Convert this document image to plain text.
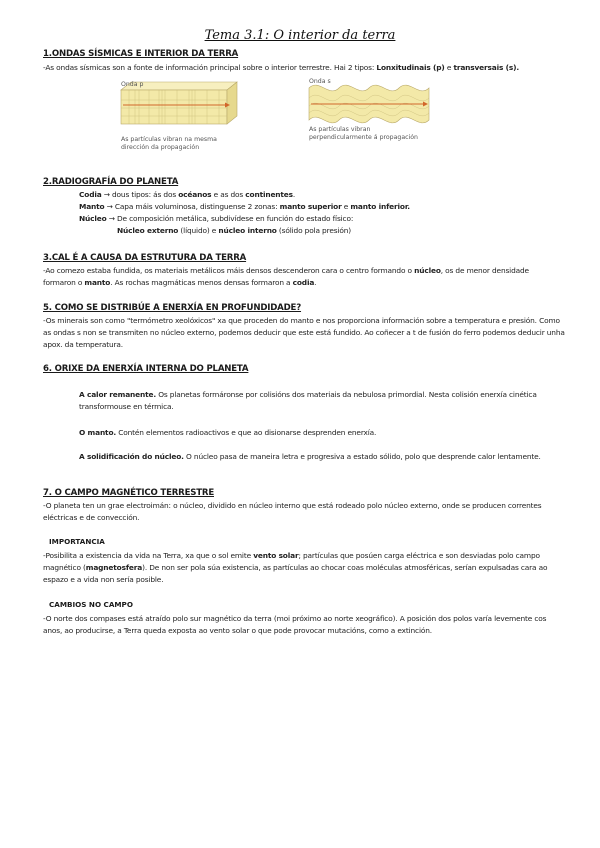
Tema 3.1: O interior da terra
1.ONDAS SÍSMICAS E INTERIOR DA TERRA
-As ondas sísmicas son a fonte de información principal sobre o interior terrestre. Hai 2 tipos: Lonxitudinais (p) e transversais (s).
Onda p
As partículas vibran na mesma dirección da propagación
Onda s
As partículas vibran perpendicularmente á propagación
2.RADIOGRAFÍA DO PLANETA
Codia → dous tipos: ás dos océanos e as dos continentes.
Manto → Capa máis voluminosa, distinguense 2 zonas: manto superior e manto inferior.
Núcleo → De composición metálica, subdivídese en función do estado físico:
Núcleo externo (líquido) e núcleo interno (sólido pola presión)
3.CAL É A CAUSA DA ESTRUTURA DA TERRA
-Ao comezo estaba fundida, os materiais metálicos máis densos descenderon cara o centro formando o núcleo, os de menor densidade formaron o manto. As rochas magmáticas menos densas formaron a codia.
5. COMO SE DISTRIBÚE A ENERXÍA EN PROFUNDIDADE?
-Os minerais son como "termómetro xeolóxicos" xa que proceden do manto e nos proporciona información sobre a temperatura e presión. Como as ondas s non se transmiten no núcleo externo, podemos deducir que este está fundido. Ao coñecer a t de fusión do ferro podemos deducir unha apox. da temperatura.
6. ORIXE DA ENERXÍA INTERNA DO PLANETA
A calor remanente. Os planetas formáronse por colisións dos materiais da nebulosa primordial. Nesta colisión enerxía cinética transformouse en térmica.
O manto. Contén elementos radioactivos e que ao disionarse desprenden enerxía.
A solidificación do núcleo. O núcleo pasa de maneira letra e progresiva a estado sólido, polo que desprende calor lentamente.
7. O CAMPO MAGNÉTICO TERRESTRE
-O planeta ten un grae electroimán: o núcleo, dividido en núcleo interno que está rodeado polo núcleo externo, onde se producen correntes eléctricas e de convección.
IMPORTANCIA
-Posibilita a existencia da vida na Terra, xa que o sol emite vento solar; partículas que posúen carga eléctrica e son desviadas polo campo magnético (magnetosfera). De non ser pola súa existencia, as partículas ao chocar coas moléculas atmosféricas, serían expulsadas cara ao espazo e a vida non sería posible.
CAMBIOS NO CAMPO
-O norte dos compases está atraído polo sur magnético da terra (moi próximo ao norte xeográfico). A posición dos polos varía levemente cos anos, ao producirse, a Terra queda exposta ao vento solar o que pode provocar mutacións, como a extinción.
